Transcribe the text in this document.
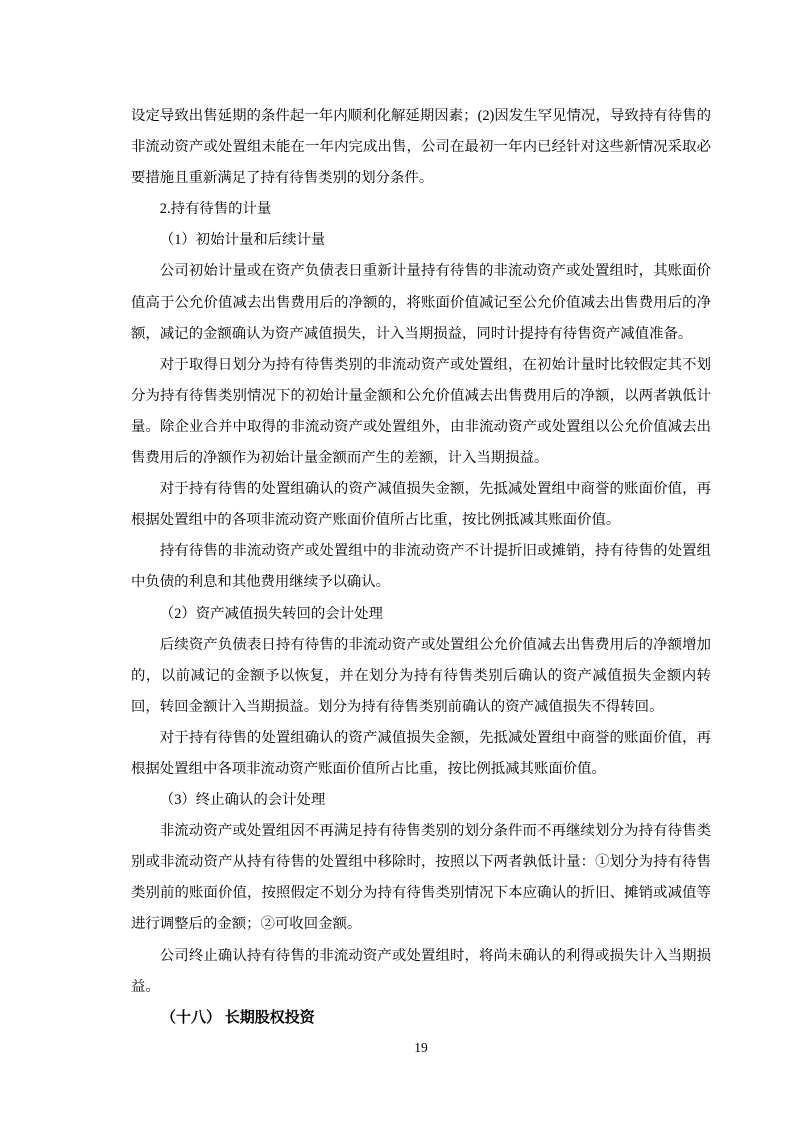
设定导致出售延期的条件起一年内顺利化解延期因素；(2)因发生罕见情况，导致持有待售的非流动资产或处置组未能在一年内完成出售，公司在最初一年内已经针对这些新情况采取必要措施且重新满足了持有待售类别的划分条件。

2.持有待售的计量

（1）初始计量和后续计量

公司初始计量或在资产负债表日重新计量持有待售的非流动资产或处置组时，其账面价值高于公允价值减去出售费用后的净额的，将账面价值减记至公允价值减去出售费用后的净额，减记的金额确认为资产减值损失，计入当期损益，同时计提持有待售资产减值准备。

对于取得日划分为持有待售类别的非流动资产或处置组，在初始计量时比较假定其不划分为持有待售类别情况下的初始计量金额和公允价值减去出售费用后的净额，以两者孰低计量。除企业合并中取得的非流动资产或处置组外，由非流动资产或处置组以公允价值减去出售费用后的净额作为初始计量金额而产生的差额，计入当期损益。

对于持有待售的处置组确认的资产减值损失金额，先抵减处置组中商誉的账面价值，再根据处置组中的各项非流动资产账面价值所占比重，按比例抵减其账面价值。

持有待售的非流动资产或处置组中的非流动资产不计提折旧或摊销，持有待售的处置组中负债的利息和其他费用继续予以确认。

（2）资产减值损失转回的会计处理

后续资产负债表日持有待售的非流动资产或处置组公允价值减去出售费用后的净额增加的，以前减记的金额予以恢复，并在划分为持有待售类别后确认的资产减值损失金额内转回，转回金额计入当期损益。划分为持有待售类别前确认的资产减值损失不得转回。

对于持有待售的处置组确认的资产减值损失金额，先抵减处置组中商誉的账面价值，再根据处置组中各项非流动资产账面价值所占比重，按比例抵减其账面价值。

（3）终止确认的会计处理

非流动资产或处置组因不再满足持有待售类别的划分条件而不再继续划分为持有待售类别或非流动资产从持有待售的处置组中移除时，按照以下两者孰低计量：①划分为持有待售类别前的账面价值，按照假定不划分为持有待售类别情况下本应确认的折旧、摊销或减值等进行调整后的金额；②可收回金额。

公司终止确认持有待售的非流动资产或处置组时，将尚未确认的利得或损失计入当期损益。

（十八） 长期股权投资

19
